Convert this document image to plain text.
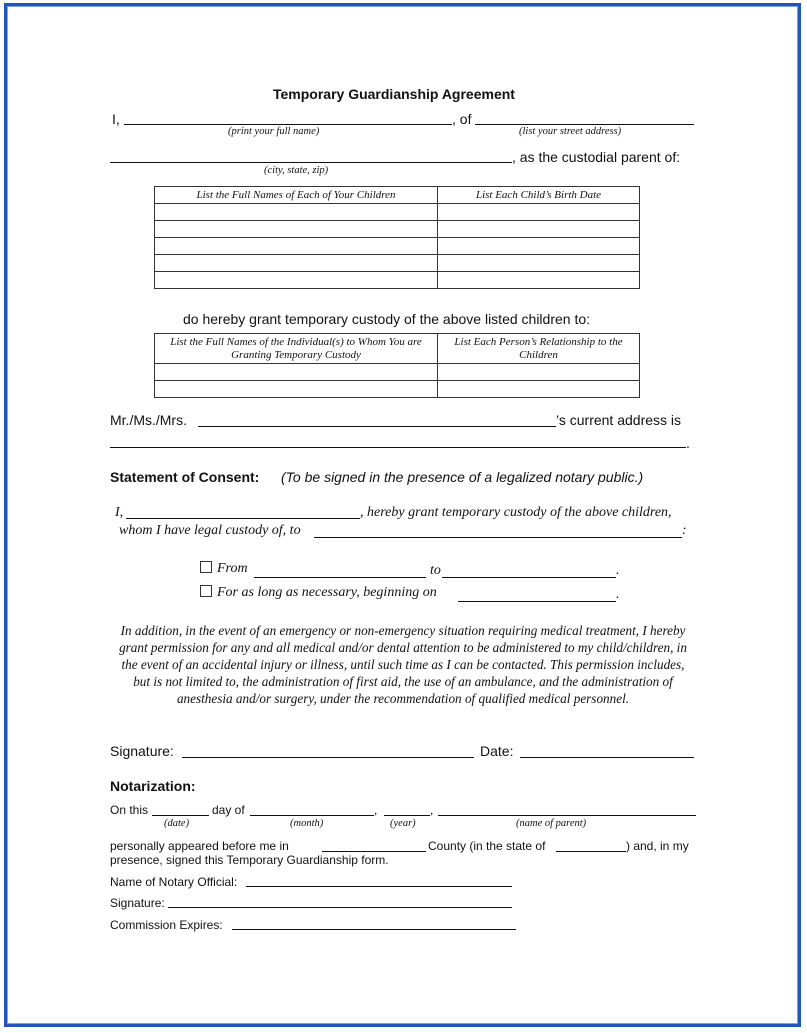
Temporary Guardianship Agreement
I,	, of
(print your full name)	(list your street address)
, as the custodial parent of:
(city, state, zip)
List the Full Names of Each of Your Children	List Each Child’s Birth Date

do hereby grant temporary custody of the above listed children to:
List the Full Names of the Individual(s) to Whom You are Granting Temporary Custody	List Each Person’s Relationship to the Children

Mr./Ms./Mrs.	’s current address is
.
Statement of Consent: (To be signed in the presence of a legalized notary public.)
I,	, hereby grant temporary custody of the above children,
whom I have legal custody of, to	:
From	to	.
For as long as necessary, beginning on	.
In addition, in the event of an emergency or non-emergency situation requiring medical treatment, I hereby grant permission for any and all medical and/or dental attention to be administered to my child/children, in the event of an accidental injury or illness, until such time as I can be contacted. This permission includes, but is not limited to, the administration of first aid, the use of an ambulance, and the administration of anesthesia and/or surgery, under the recommendation of qualified medical personnel.
Signature:	Date:
Notarization:
On this	day of	,	,
(date)	(month)	(year)	(name of parent)
personally appeared before me in	County (in the state of	) and, in my
presence, signed this Temporary Guardianship form.
Name of Notary Official:
Signature:
Commission Expires:
